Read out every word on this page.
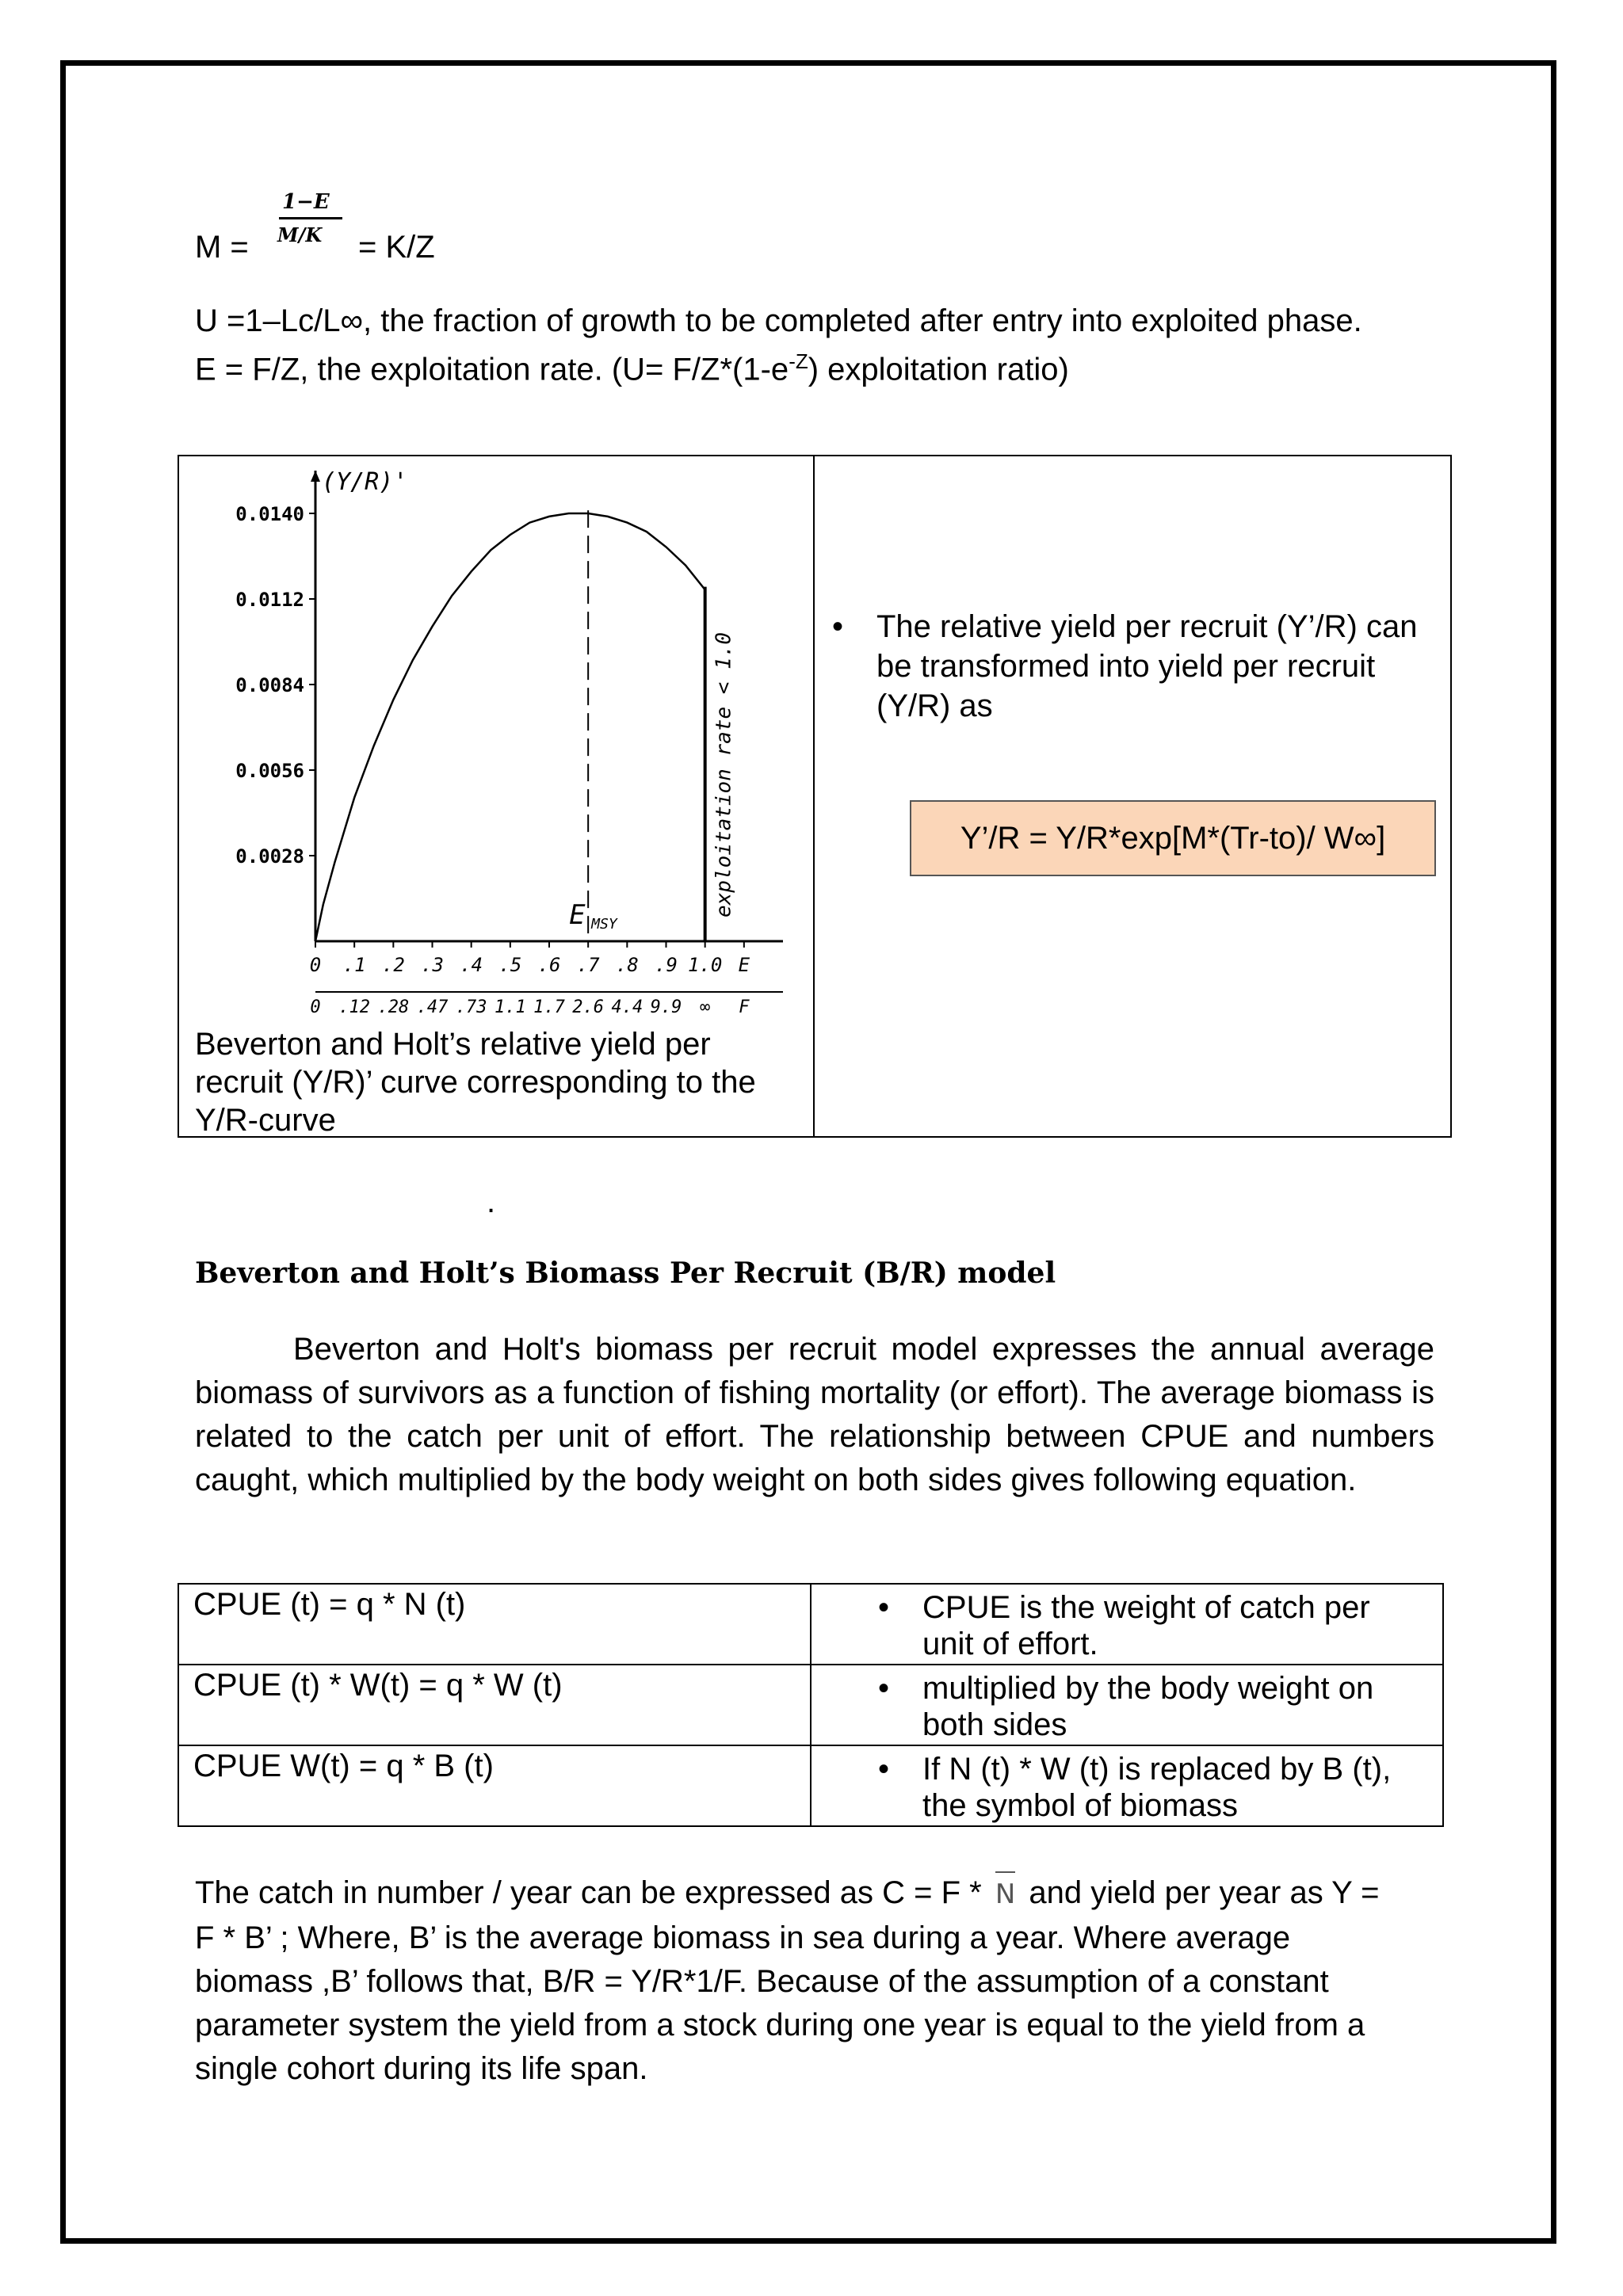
M =
1−E
M/K = K/Z
U =1–Lc/L∞, the fraction of growth to be completed after entry into exploited phase.
E = F/Z, the exploitation rate. ($U= F/Z*(1-e^{-Z})$ exploitation ratio)
(Y/R)'
0.0140
0.0112
0.0084
0.0056
0.0028
0 .1 .2 .3 .4 .5 .6 .7 .8 .9 1.0 E
0 .12 .28 .47 .73 1.1 1.7 2.6 4.4 9.9 ∞ F
E MSY
exploitation rate < 1.0
Beverton and Holt’s relative yield per recruit (Y/R)’ curve corresponding to the Y/R-curve
• The relative yield per recruit (Y’/R) can be transformed into yield per recruit (Y/R) as
Y’/R = Y/R*exp[M*(Tr-to)/ W∞]
.
Beverton and Holt’s Biomass Per Recruit (B/R) model
Beverton and Holt's biomass per recruit model expresses the annual average biomass of survivors as a function of fishing mortality (or effort). The average biomass is related to the catch per unit of effort. The relationship between CPUE and numbers caught, which multiplied by the body weight on both sides gives following equation.
CPUE (t) = q * N (t)	• CPUE is the weight of catch per unit of effort.

CPUE (t) * W(t) = q * W (t)	• multiplied by the body weight on both sides

CPUE W(t) = q * B (t)	• If N (t) * W (t) is replaced by B (t), the symbol of biomass
The catch in number / year can be expressed as C = F * N and yield per year as Y =
F * B’ ; Where, B’ is the average biomass in sea during a year. Where average
biomass ,B’ follows that, B/R = Y/R*1/F. Because of the assumption of a constant
parameter system the yield from a stock during one year is equal to the yield from a
single cohort during its life span.
